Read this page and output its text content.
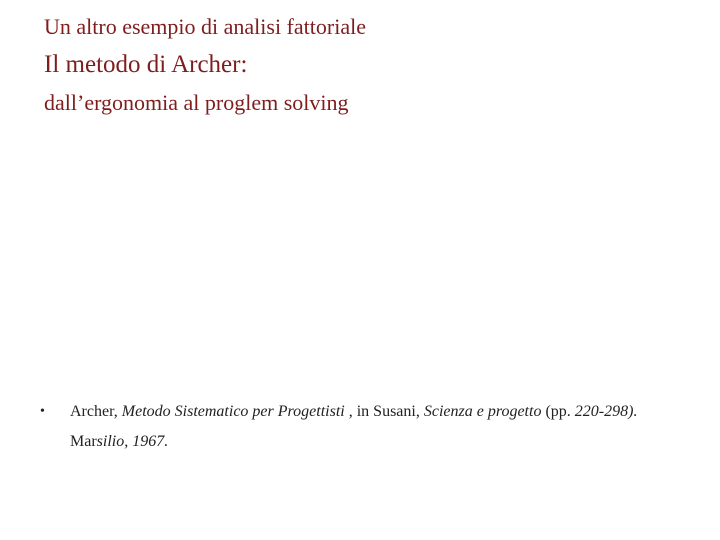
Un altro esempio di analisi fattoriale
Il metodo di Archer:
dall’ergonomia al proglem solving
•	Archer, Metodo Sistematico per Progettisti , in Susani, Scienza e progetto (pp. 220-298). Marsilio, 1967.
